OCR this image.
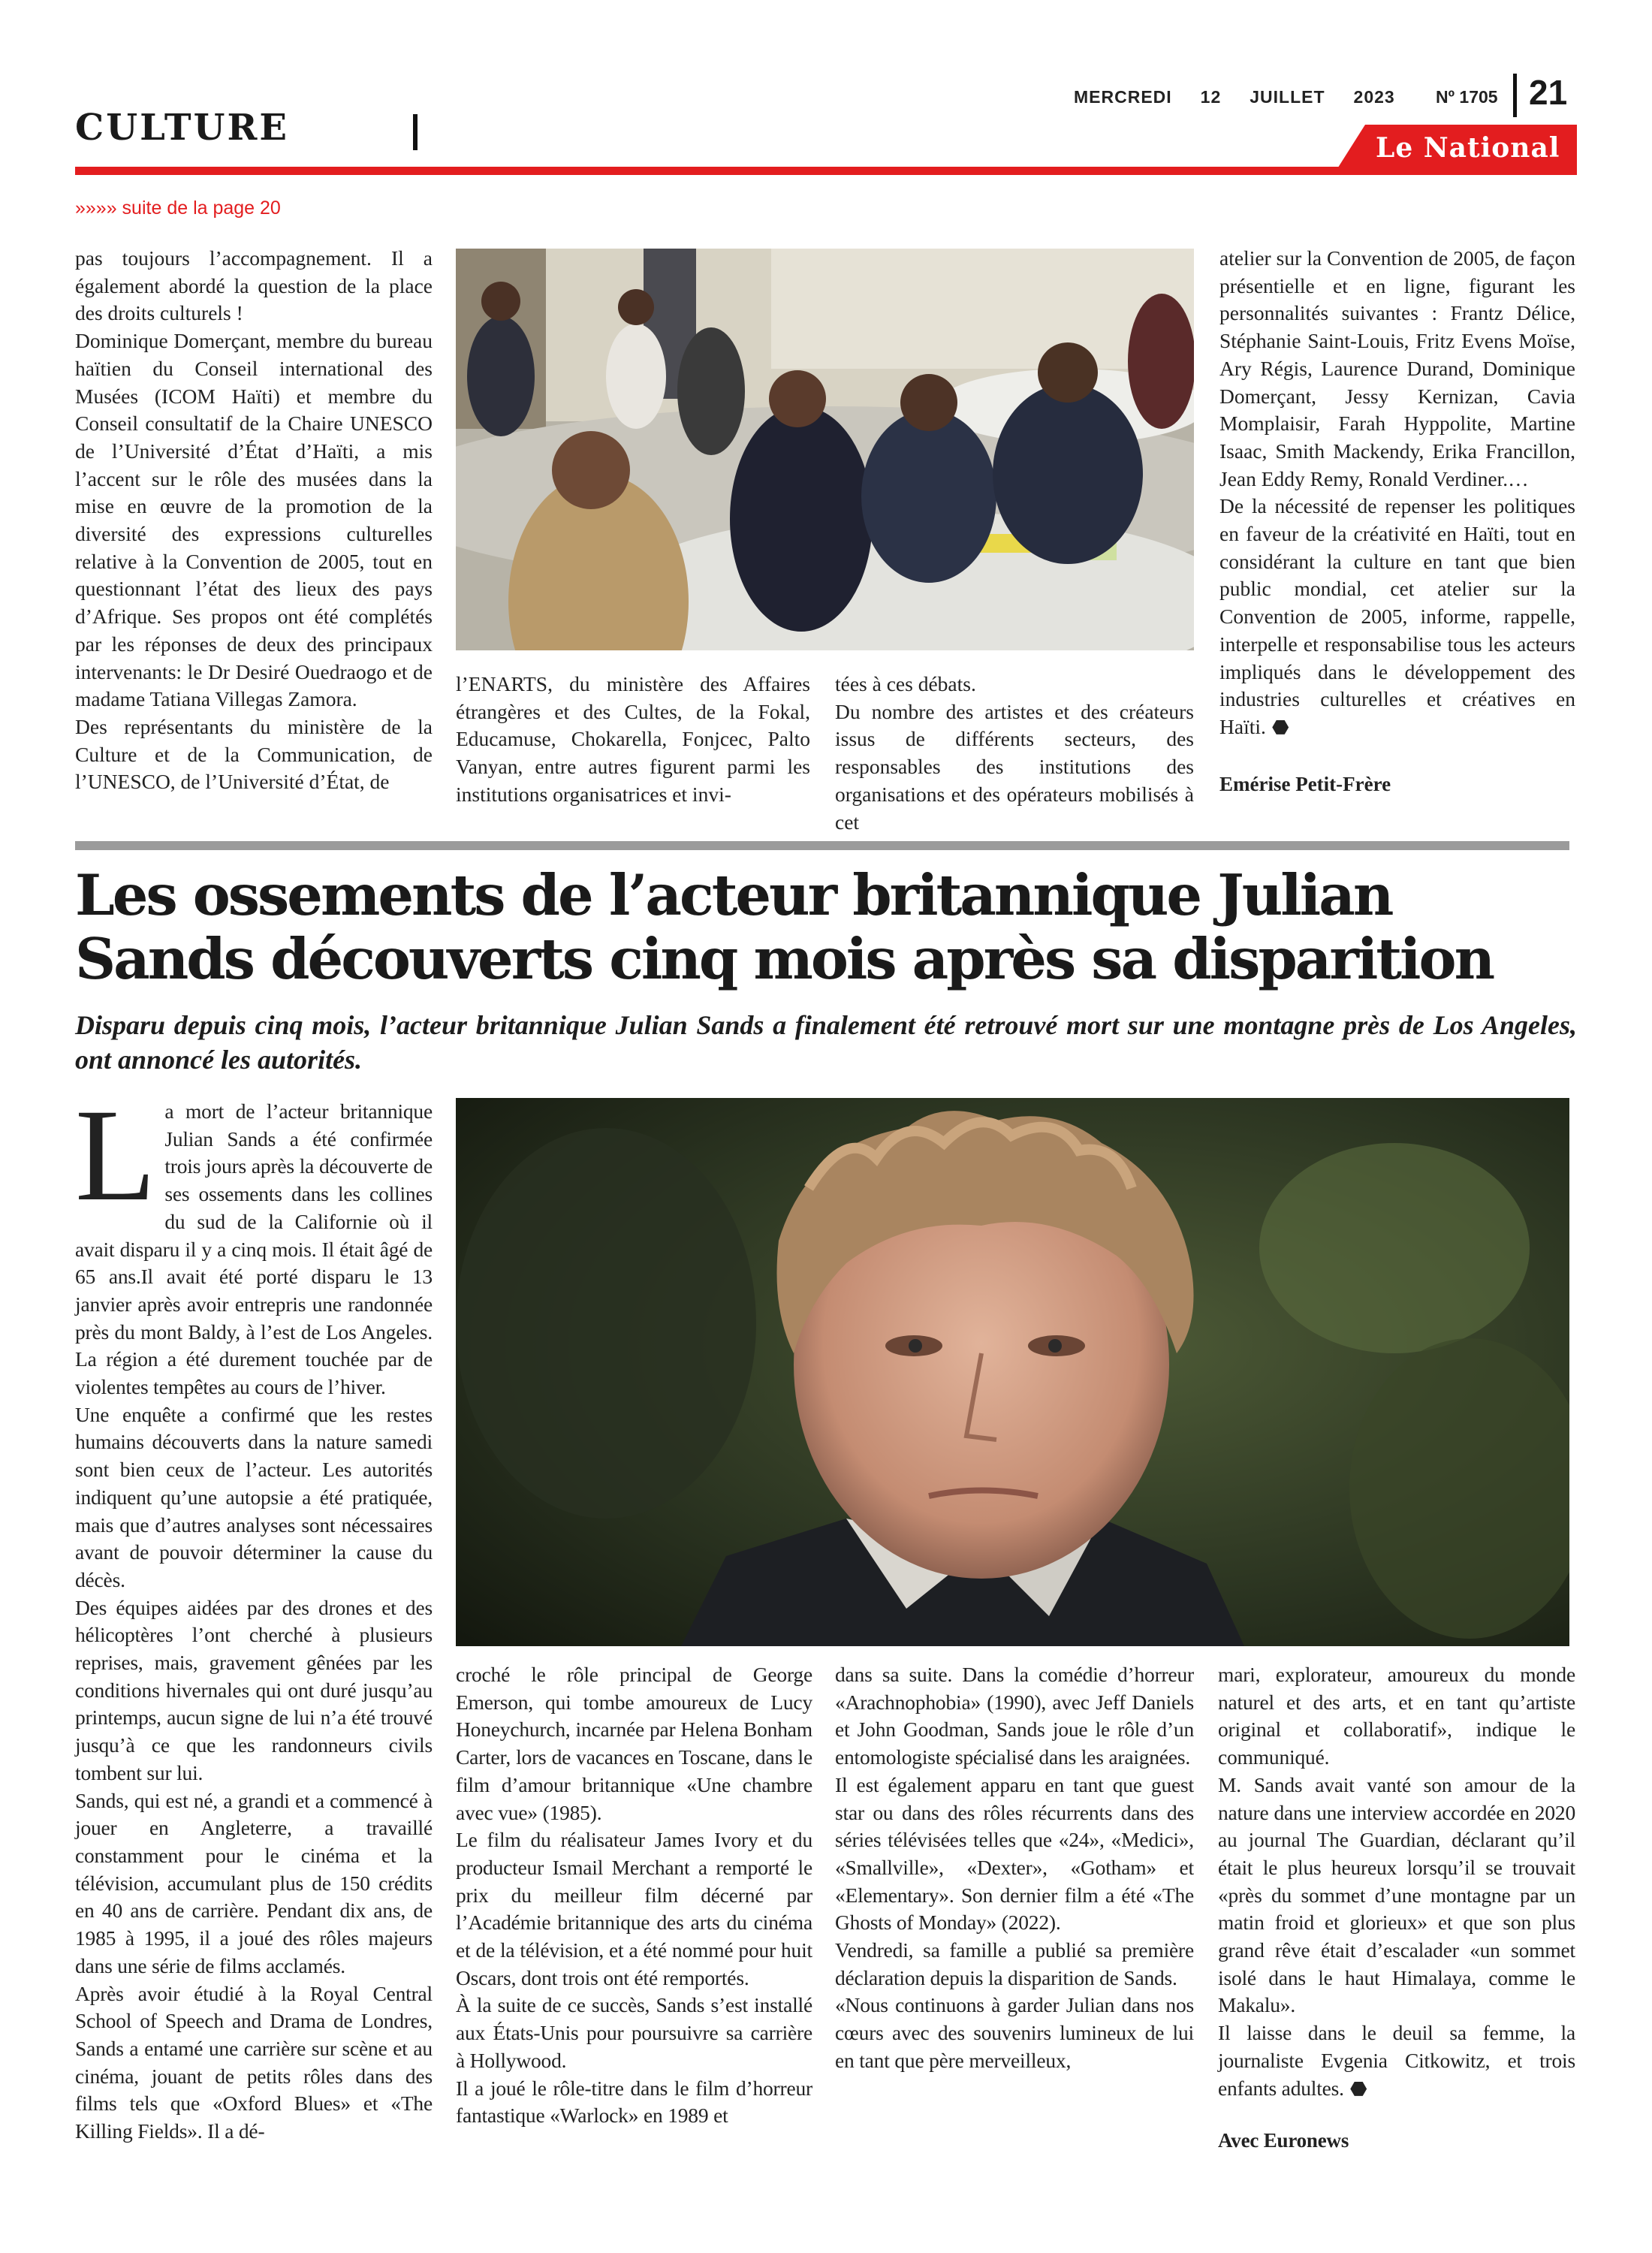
CULTURE
MERCREDI 12 JUILLET 2023 Nº 1705 21
Le National
»»»» suite de la page 20

pas toujours l’accompagnement. Il a également abordé la question de la place des droits culturels !

Dominique Domerçant, membre du bureau haïtien du Conseil international des Musées (ICOM Haïti) et membre du Conseil consultatif de la Chaire UNESCO de l’Université d’État d’Haïti, a mis l’accent sur le rôle des musées dans la mise en œuvre de la promotion de la diversité des expressions culturelles relative à la Convention de 2005, tout en questionnant l’état des lieux des pays d’Afrique. Ses propos ont été complétés par les réponses de deux des principaux intervenants: le Dr Desiré Ouedraogo et de madame Tatiana Villegas Zamora.

Des représentants du ministère de la Culture et de la Communication, de l’UNESCO, de l’Université d’État, de

l’ENARTS, du ministère des Affaires étrangères et des Cultes, de la Fokal, Educamuse, Chokarella, Fonjcec, Palto Vanyan, entre autres figurent parmi les institutions organisatrices et invi-

tées à ces débats.

Du nombre des artistes et des créateurs issus de différents secteurs, des responsables des institutions des organisations et des opérateurs mobilisés à cet

atelier sur la Convention de 2005, de façon présentielle et en ligne, figurant les personnalités suivantes : Frantz Délice, Stéphanie Saint-Louis, Fritz Evens Moïse, Ary Régis, Laurence Durand, Dominique Domerçant, Jessy Kernizan, Cavia Momplaisir, Farah Hyppolite, Martine Isaac, Smith Mackendy, Erika Francillon, Jean Eddy Remy, Ronald Verdiner.…

De la nécessité de repenser les politiques en faveur de la créativité en Haïti, tout en considérant la culture en tant que bien public mondial, cet atelier sur la Convention de 2005, informe, rappelle, interpelle et responsabilise tous les acteurs impliqués dans le développement des industries culturelles et créatives en Haïti. ⬣

Emérise Petit-Frère

Les ossements de l’acteur britannique Julian Sands découverts cinq mois après sa disparition
Disparu depuis cinq mois, l’acteur britannique Julian Sands a finalement été retrouvé mort sur une montagne près de Los Angeles, ont annoncé les autorités.

La mort de l’acteur britannique Julian Sands a été confirmée trois jours après la découverte de ses ossements dans les collines du sud de la Californie où il avait disparu il y a cinq mois. Il était âgé de 65 ans.Il avait été porté disparu le 13 janvier après avoir entrepris une randonnée près du mont Baldy, à l’est de Los Angeles. La région a été durement touchée par de violentes tempêtes au cours de l’hiver.

Une enquête a confirmé que les restes humains découverts dans la nature samedi sont bien ceux de l’acteur. Les autorités indiquent qu’une autopsie a été pratiquée, mais que d’autres analyses sont nécessaires avant de pouvoir déterminer la cause du décès.

Des équipes aidées par des drones et des hélicoptères l’ont cherché à plusieurs reprises, mais, gravement gênées par les conditions hivernales qui ont duré jusqu’au printemps, aucun signe de lui n’a été trouvé jusqu’à ce que les randonneurs civils tombent sur lui.

Sands, qui est né, a grandi et a commencé à jouer en Angleterre, a travaillé constamment pour le cinéma et la télévision, accumulant plus de 150 crédits en 40 ans de carrière. Pendant dix ans, de 1985 à 1995, il a joué des rôles majeurs dans une série de films acclamés.

Après avoir étudié à la Royal Central School of Speech and Drama de Londres, Sands a entamé une carrière sur scène et au cinéma, jouant de petits rôles dans des films tels que «Oxford Blues» et «The Killing Fields». Il a dé-

croché le rôle principal de George Emerson, qui tombe amoureux de Lucy Honeychurch, incarnée par Helena Bonham Carter, lors de vacances en Toscane, dans le film d’amour britannique «Une chambre avec vue» (1985).

Le film du réalisateur James Ivory et du producteur Ismail Merchant a remporté le prix du meilleur film décerné par l’Académie britannique des arts du cinéma et de la télévision, et a été nommé pour huit Oscars, dont trois ont été remportés.

À la suite de ce succès, Sands s’est installé aux États-Unis pour poursuivre sa carrière à Hollywood.

Il a joué le rôle-titre dans le film d’horreur fantastique «Warlock» en 1989 et

dans sa suite. Dans la comédie d’horreur «Arachnophobia» (1990), avec Jeff Daniels et John Goodman, Sands joue le rôle d’un entomologiste spécialisé dans les araignées.

Il est également apparu en tant que guest star ou dans des rôles récurrents dans des séries télévisées telles que «24», «Medici», «Smallville», «Dexter», «Gotham» et «Elementary». Son dernier film a été «The Ghosts of Monday» (2022).

Vendredi, sa famille a publié sa première déclaration depuis la disparition de Sands.

«Nous continuons à garder Julian dans nos cœurs avec des souvenirs lumineux de lui en tant que père merveilleux,

mari, explorateur, amoureux du monde naturel et des arts, et en tant qu’artiste original et collaboratif», indique le communiqué.

M. Sands avait vanté son amour de la nature dans une interview accordée en 2020 au journal The Guardian, déclarant qu’il était le plus heureux lorsqu’il se trouvait «près du sommet d’une montagne par un matin froid et glorieux» et que son plus grand rêve était d’escalader «un sommet isolé dans le haut Himalaya, comme le Makalu».

Il laisse dans le deuil sa femme, la journaliste Evgenia Citkowitz, et trois enfants adultes. ⬣

Avec Euronews
